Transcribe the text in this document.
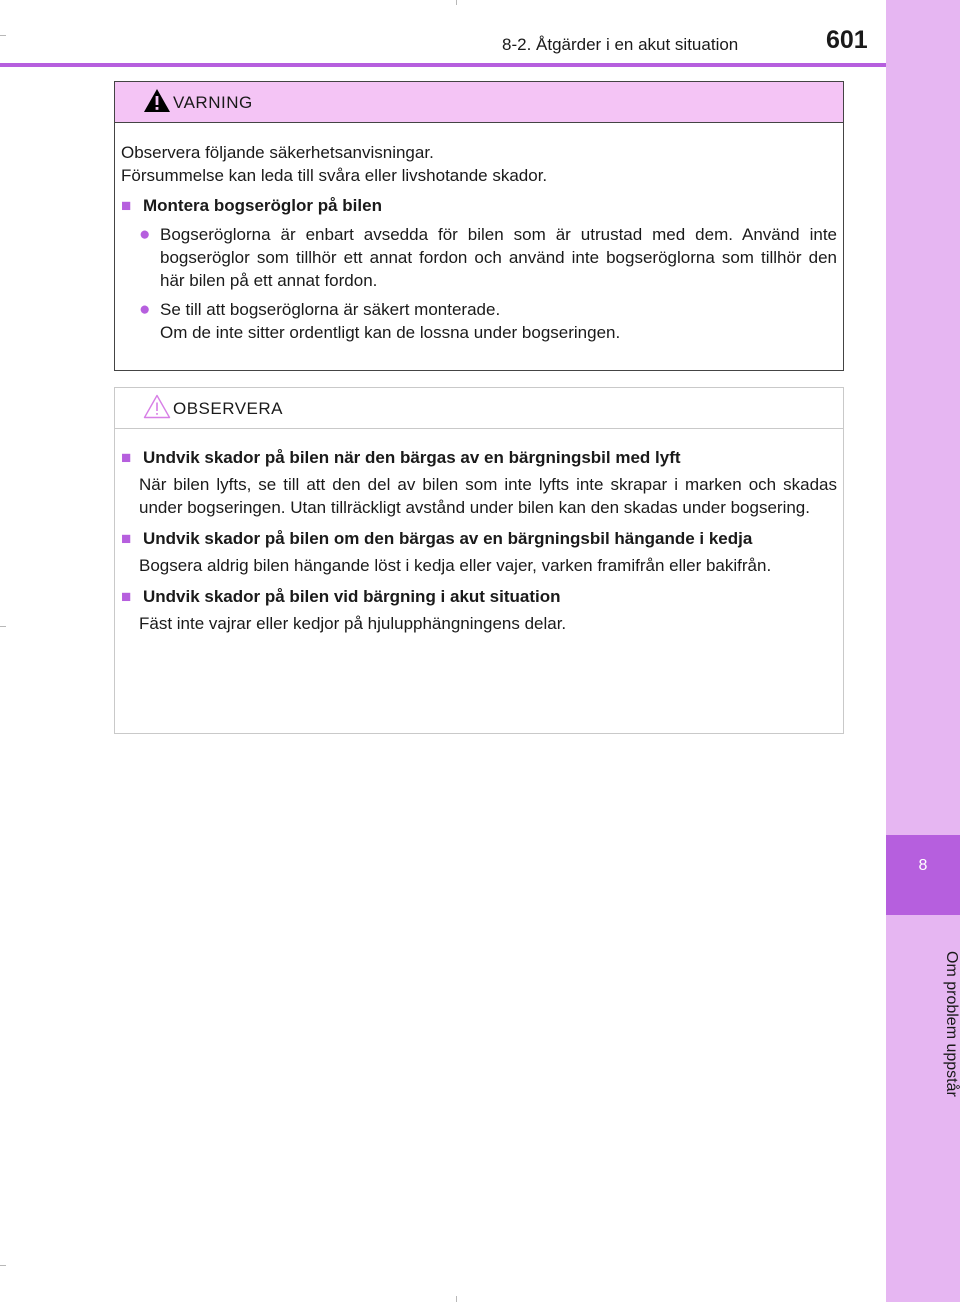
8
Om problem uppstår
8-2. Åtgärder i en akut situation	601
VARNING

Observera följande säkerhetsanvisningar.

Försummelse kan leda till svåra eller livshotande skador.

■ Montera bogseröglor på bilen
● Bogseröglorna är enbart avsedda för bilen som är utrustad med dem. Använd inte bogseröglor som tillhör ett annat fordon och använd inte bogseröglorna som tillhör den här bilen på ett annat fordon.
● Se till att bogseröglorna är säkert monterade.
Om de inte sitter ordentligt kan de lossna under bogseringen.
OBSERVERA
■ Undvik skador på bilen när den bärgas av en bärgningsbil med lyft
När bilen lyfts, se till att den del av bilen som inte lyfts inte skrapar i marken och skadas under bogseringen. Utan tillräckligt avstånd under bilen kan den skadas under bogsering.
■ Undvik skador på bilen om den bärgas av en bärgningsbil hängande i kedja
Bogsera aldrig bilen hängande löst i kedja eller vajer, varken framifrån eller bakifrån.
■ Undvik skador på bilen vid bärgning i akut situation
Fäst inte vajrar eller kedjor på hjulupphängningens delar.
